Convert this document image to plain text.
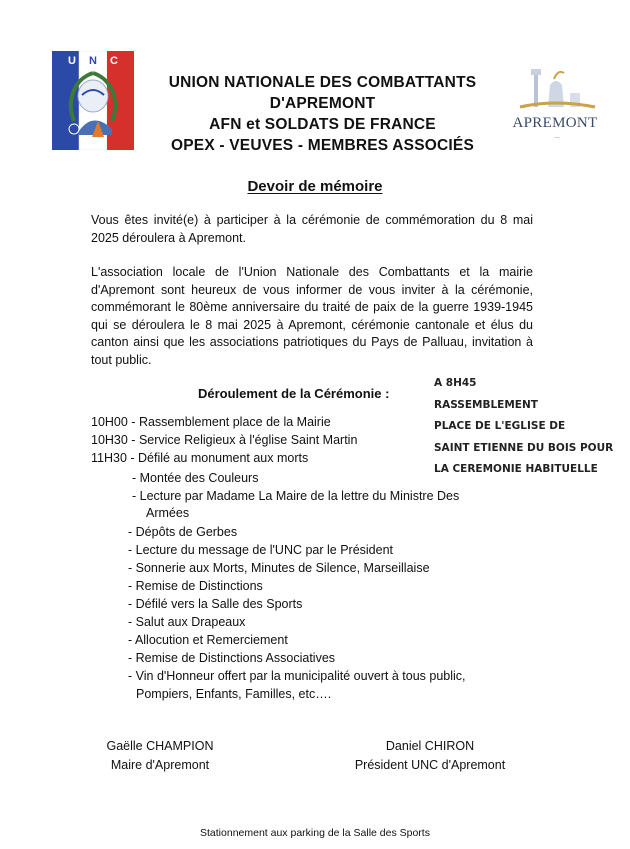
U N C
UNION NATIONALE DES COMBATTANTS
D'APREMONT
AFN et SOLDATS DE FRANCE
OPEX - VEUVES - MEMBRES ASSOCIÉS
APREMONT
—
Devoir de mémoire
Vous êtes invité(e) à participer à la cérémonie de commémoration du 8 mai 2025 déroulera à Apremont.
L'association locale de l'Union Nationale des Combattants et la mairie d'Apremont sont heureux de vous informer de vous inviter à la cérémonie, commémorant le 80ème anniversaire du traité de paix de la guerre 1939-1945 qui se déroulera le 8 mai 2025 à Apremont, cérémonie cantonale et élus du canton ainsi que les associations patriotiques du Pays de Palluau, invitation à tout public.
Déroulement de la Cérémonie :
A 8H45
RASSEMBLEMENT
PLACE DE L'EGLISE DE
SAINT ETIENNE DU BOIS POUR
LA CEREMONIE HABITUELLE
10H00 - Rassemblement place de la Mairie
10H30 - Service Religieux à l'église Saint Martin
11H30 - Défilé au monument aux morts
- Montée des Couleurs
- Lecture par Madame La Maire de la lettre du Ministre Des
Armées
- Dépôts de Gerbes
- Lecture du message de l'UNC par le Président
- Sonnerie aux Morts, Minutes de Silence, Marseillaise
- Remise de Distinctions
- Défilé vers la Salle des Sports
- Salut aux Drapeaux
- Allocution et Remerciement
- Remise de Distinctions Associatives
- Vin d'Honneur offert par la municipalité ouvert à tous public,
Pompiers, Enfants, Familles, etc….
Gaëlle CHAMPION
Maire d'Apremont
Daniel CHIRON
Président UNC d'Apremont
Stationnement aux parking de la Salle des Sports
